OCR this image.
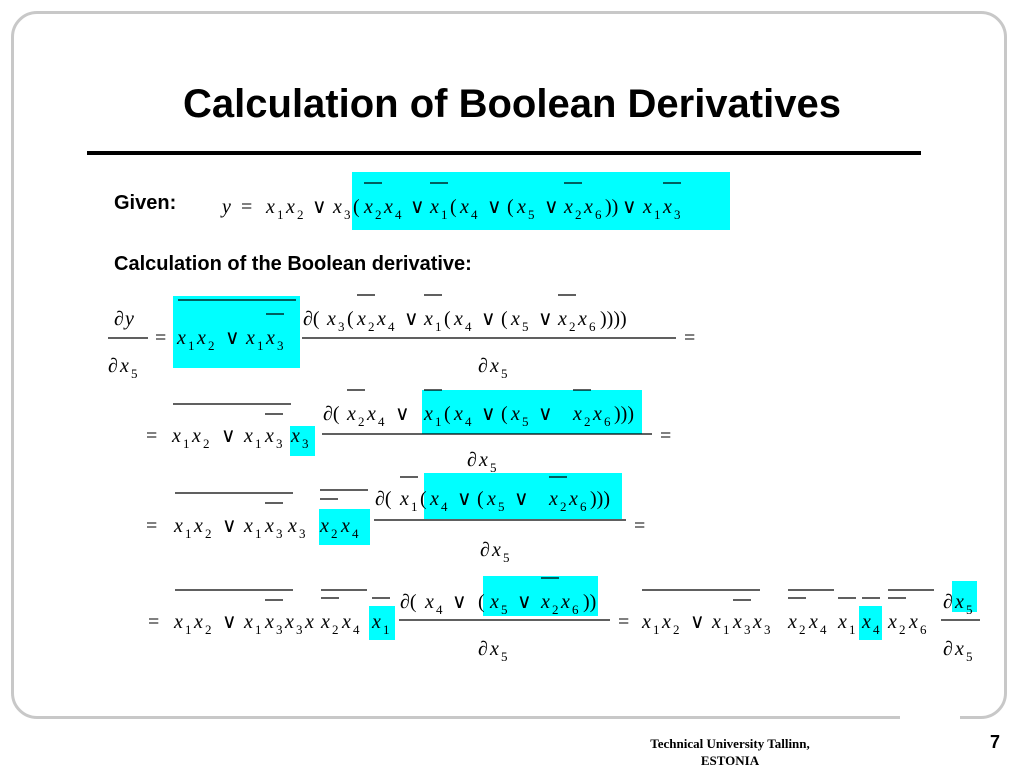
Calculation of Boolean Derivatives
Given:
Calculation of the Boolean derivative:
y = x 1 x 2 ∨ x 3 ( x 2 x 4 ∨ x 1 ( x 4 ∨ ( x 5 ∨ x 2 x 6 )) ∨ x 1 x 3
∂ y
∂ x 5
= x 1 x 2 ∨ x 1 x 3
∂( x 3 ( x 2 x 4 ∨ x 1 ( x 4 ∨ ( x 5 ∨ x 2 x 6 ))))
∂ x 5
=
= x 1 x 2 ∨ x 1 x 3 x 3
∂( x 2 x 4 ∨ x 1 ( x 4 ∨ ( x 5 ∨ x 2 x 6 )))
∂ x 5
=
= x 1 x 2 ∨ x 1 x 3 x 3 x 2 x 4
∂( x 1 ( x 4 ∨ ( x 5 ∨ x 2 x 6 )))
∂ x 5
=
= x 1 x 2 ∨ x 1 x 3 x 3 x x 2 x 4 x 1
∂( x 4 ∨ ( x 5 ∨ x 2 x 6 ))
∂ x 5
= x 1 x 2 ∨ x 1 x 3 x 3 x 2 x 4 x 1 x 4 x 2 x 6
∂ x 5
∂ x 5
Technical University Tallinn,
ESTONIA
7
